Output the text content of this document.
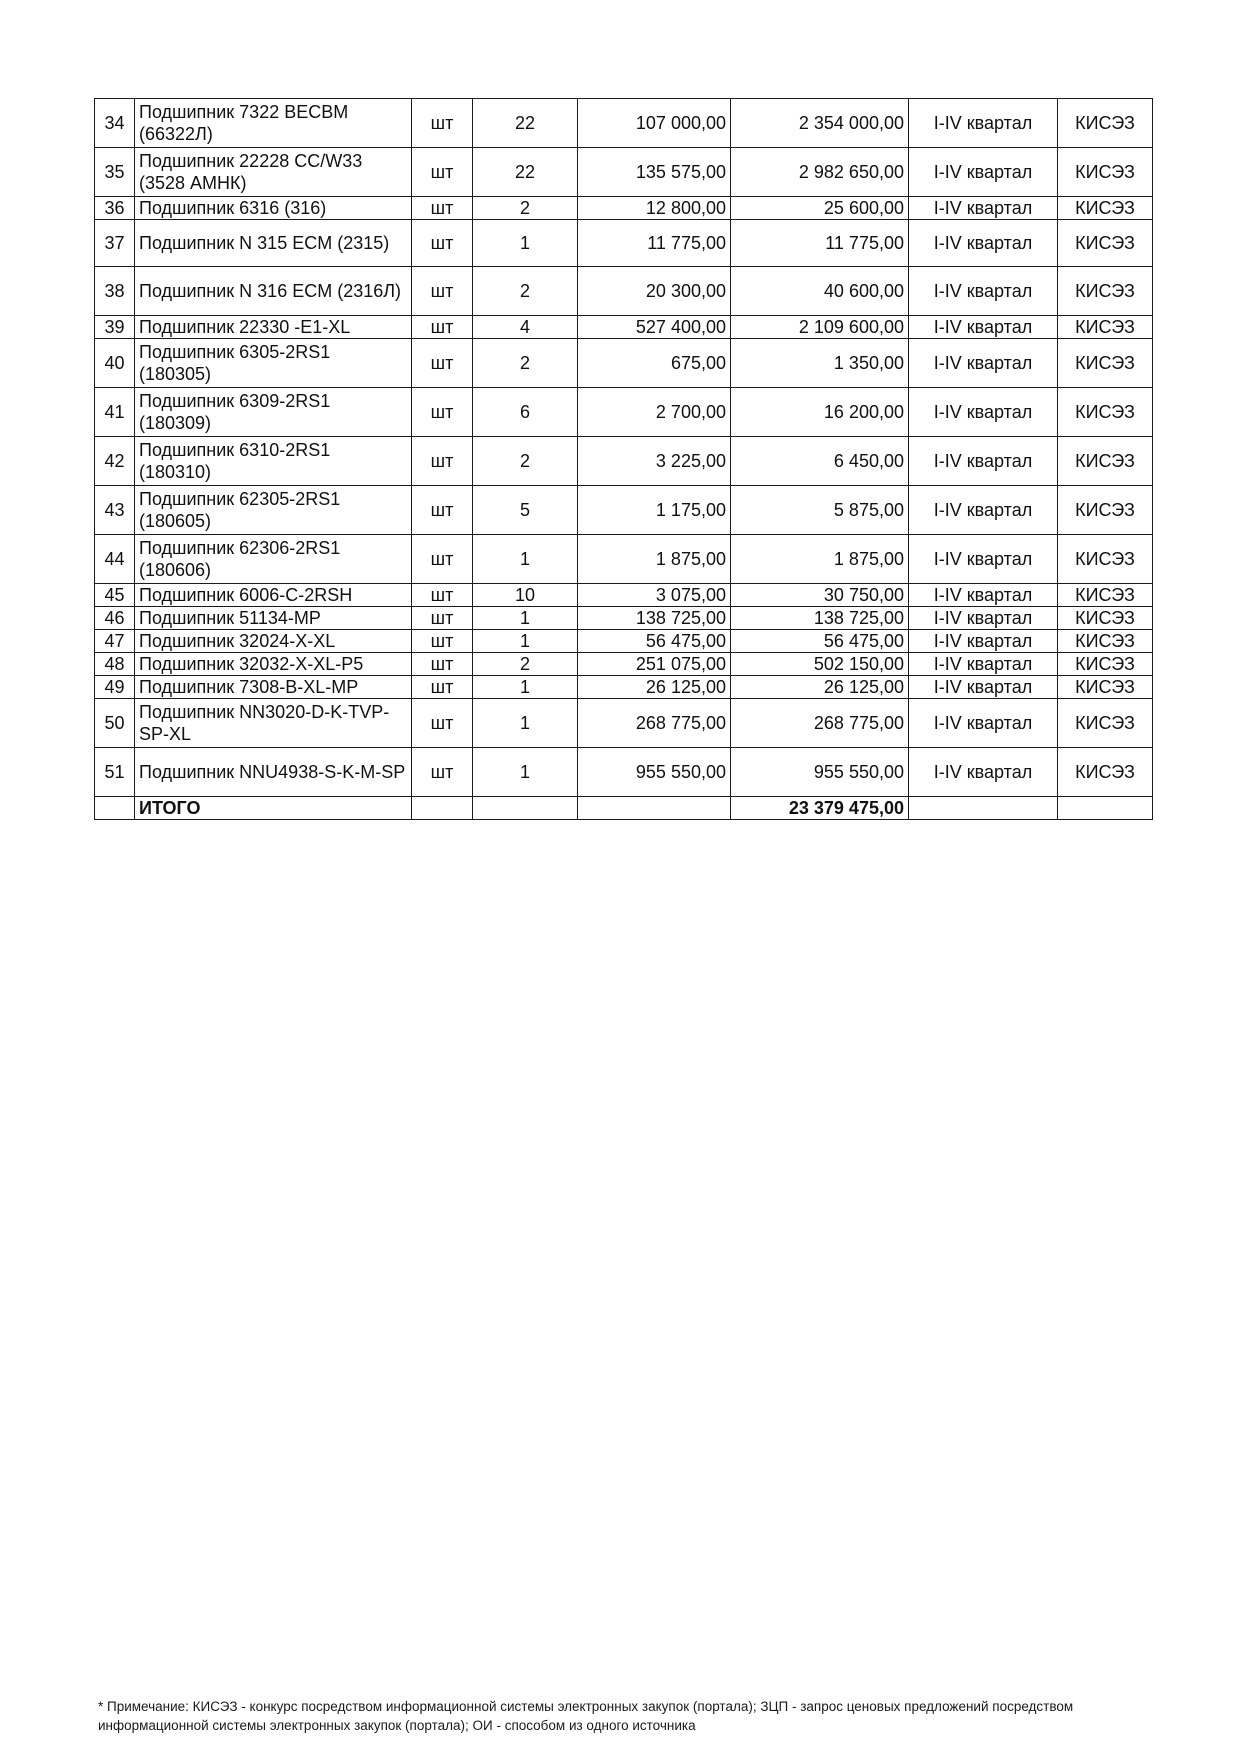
34	Подшипник 7322 BECBM (66322Л)	шт	22	107 000,00	2 354 000,00	I-IV квартал	КИСЭЗ
35	Подшипник 22228 CC/W33 (3528 АМНК)	шт	22	135 575,00	2 982 650,00	I-IV квартал	КИСЭЗ
36	Подшипник 6316 (316)	шт	2	12 800,00	25 600,00	I-IV квартал	КИСЭЗ
37	Подшипник N 315 ECM (2315)	шт	1	11 775,00	11 775,00	I-IV квартал	КИСЭЗ
38	Подшипник N 316 ECM (2316Л)	шт	2	20 300,00	40 600,00	I-IV квартал	КИСЭЗ
39	Подшипник 22330 -E1-XL	шт	4	527 400,00	2 109 600,00	I-IV квартал	КИСЭЗ
40	Подшипник 6305-2RS1 (180305)	шт	2	675,00	1 350,00	I-IV квартал	КИСЭЗ
41	Подшипник 6309-2RS1 (180309)	шт	6	2 700,00	16 200,00	I-IV квартал	КИСЭЗ
42	Подшипник 6310-2RS1 (180310)	шт	2	3 225,00	6 450,00	I-IV квартал	КИСЭЗ
43	Подшипник 62305-2RS1 (180605)	шт	5	1 175,00	5 875,00	I-IV квартал	КИСЭЗ
44	Подшипник 62306-2RS1 (180606)	шт	1	1 875,00	1 875,00	I-IV квартал	КИСЭЗ
45	Подшипник 6006-C-2RSH	шт	10	3 075,00	30 750,00	I-IV квартал	КИСЭЗ
46	Подшипник 51134-MP	шт	1	138 725,00	138 725,00	I-IV квартал	КИСЭЗ
47	Подшипник 32024-X-XL	шт	1	56 475,00	56 475,00	I-IV квартал	КИСЭЗ
48	Подшипник 32032-X-XL-P5	шт	2	251 075,00	502 150,00	I-IV квартал	КИСЭЗ
49	Подшипник 7308-B-XL-MP	шт	1	26 125,00	26 125,00	I-IV квартал	КИСЭЗ
50	Подшипник NN3020-D-K-TVP-SP-XL	шт	1	268 775,00	268 775,00	I-IV квартал	КИСЭЗ
51	Подшипник NNU4938-S-K-M-SP	шт	1	955 550,00	955 550,00	I-IV квартал	КИСЭЗ
	ИТОГО				23 379 475,00		
* Примечание: КИСЭЗ - конкурс посредством информационной системы электронных закупок (портала); ЗЦП - запрос ценовых предложений посредством информационной системы электронных закупок (портала); ОИ - способом из одного источника
